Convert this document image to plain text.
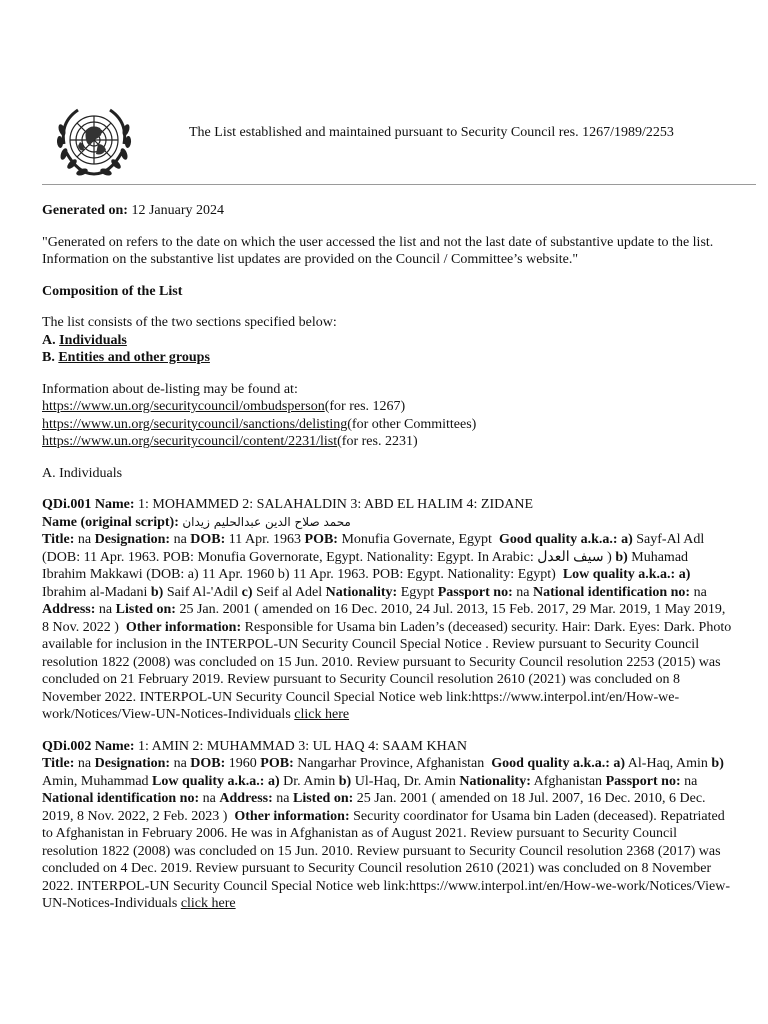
The List established and maintained pursuant to Security Council res. 1267/1989/2253

Generated on: 12 January 2024

"Generated on refers to the date on which the user accessed the list and not the last date of substantive update to the list. Information on the substantive list updates are provided on the Council / Committee’s website."

Composition of the List

The list consists of the two sections specified below:

A. Individuals

B. Entities and other groups

Information about de-listing may be found at:

https://www.un.org/securitycouncil/ombudsperson(for res. 1267)

https://www.un.org/securitycouncil/sanctions/delisting(for other Committees)

https://www.un.org/securitycouncil/content/2231/list(for res. 2231)

A. Individuals

QDi.001 Name: 1: MOHAMMED 2: SALAHALDIN 3: ABD EL HALIM 4: ZIDANE

Name (original script): محمد صلاح الدين عبدالحليم زيدان

Title: na Designation: na DOB: 11 Apr. 1963 POB: Monufia Governate, Egypt Good quality a.k.a.: a) Sayf-Al Adl (DOB: 11 Apr. 1963. POB: Monufia Governorate, Egypt. Nationality: Egypt. In Arabic: سيف العدل ) b) Muhamad Ibrahim Makkawi (DOB: a) 11 Apr. 1960 b) 11 Apr. 1963. POB: Egypt. Nationality: Egypt) Low quality a.k.a.: a) Ibrahim al-Madani b) Saif Al-'Adil c) Seif al Adel Nationality: Egypt Passport no: na National identification no: na Address: na Listed on: 25 Jan. 2001 ( amended on 16 Dec. 2010, 24 Jul. 2013, 15 Feb. 2017, 29 Mar. 2019, 1 May 2019, 8 Nov. 2022 ) Other information: Responsible for Usama bin Laden’s (deceased) security. Hair: Dark. Eyes: Dark. Photo available for inclusion in the INTERPOL-UN Security Council Special Notice . Review pursuant to Security Council resolution 1822 (2008) was concluded on 15 Jun. 2010. Review pursuant to Security Council resolution 2253 (2015) was concluded on 21 February 2019. Review pursuant to Security Council resolution 2610 (2021) was concluded on 8 November 2022. INTERPOL-UN Security Council Special Notice web link:https://www.interpol.int/en/How-we-work/Notices/View-UN-Notices-Individuals click here

QDi.002 Name: 1: AMIN 2: MUHAMMAD 3: UL HAQ 4: SAAM KHAN

Title: na Designation: na DOB: 1960 POB: Nangarhar Province, Afghanistan Good quality a.k.a.: a) Al-Haq, Amin b) Amin, Muhammad Low quality a.k.a.: a) Dr. Amin b) Ul-Haq, Dr. Amin Nationality: Afghanistan Passport no: na National identification no: na Address: na Listed on: 25 Jan. 2001 ( amended on 18 Jul. 2007, 16 Dec. 2010, 6 Dec. 2019, 8 Nov. 2022, 2 Feb. 2023 ) Other information: Security coordinator for Usama bin Laden (deceased). Repatriated to Afghanistan in February 2006. He was in Afghanistan as of August 2021. Review pursuant to Security Council resolution 1822 (2008) was concluded on 15 Jun. 2010. Review pursuant to Security Council resolution 2368 (2017) was concluded on 4 Dec. 2019. Review pursuant to Security Council resolution 2610 (2021) was concluded on 8 November 2022. INTERPOL-UN Security Council Special Notice web link:https://www.interpol.int/en/How-we-work/Notices/View-UN-Notices-Individuals click here
